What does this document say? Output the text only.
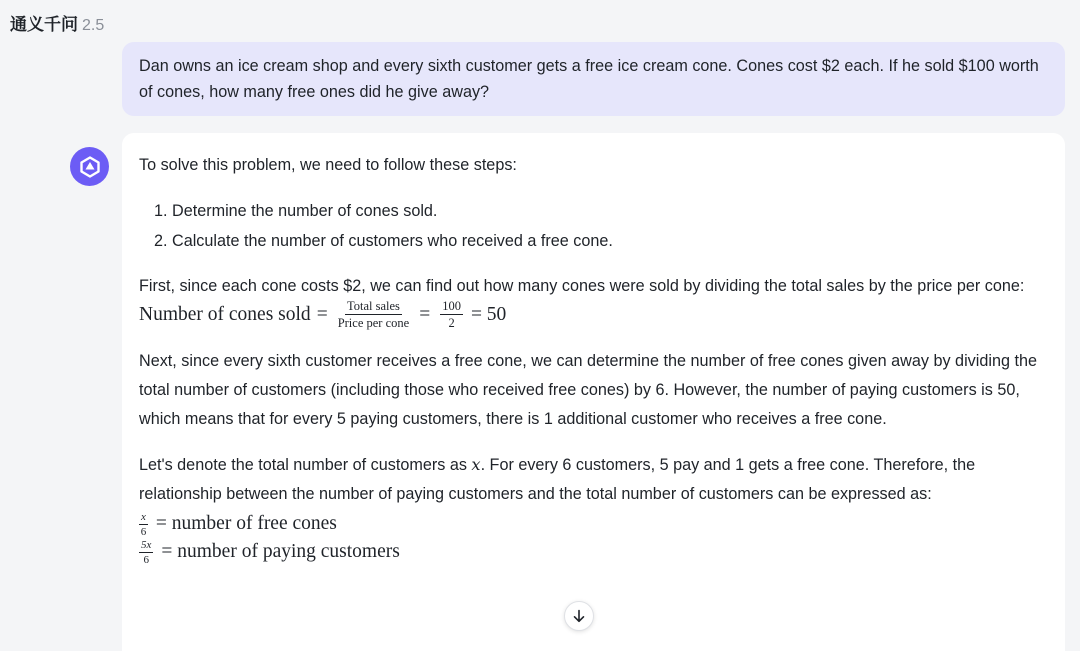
通义千问 2.5
Dan owns an ice cream shop and every sixth customer gets a free ice cream cone. Cones cost $2 each. If he sold $100 worth of cones, how many free ones did he give away?

To solve this problem, we need to follow these steps:

1. Determine the number of cones sold.
2. Calculate the number of customers who received a free cone.

First, since each cone costs $2, we can find out how many cones were sold by dividing the total sales by the price per cone:

Number of cones sold = $\frac{\text{Total sales}}{\text{Price per cone}} = \frac{100}{2} = 50$

Next, since every sixth customer receives a free cone, we can determine the number of free cones given away by dividing the total number of customers (including those who received free cones) by 6. However, the number of paying customers is 50, which means that for every 5 paying customers, there is 1 additional customer who receives a free cone.

Let's denote the total number of customers as x. For every 6 customers, 5 pay and 1 gets a free cone. Therefore, the relationship between the number of paying customers and the total number of customers can be expressed as:

$\frac{x}{6}$ = number of free cones
$\frac{5x}{6}$ = number of paying customers
